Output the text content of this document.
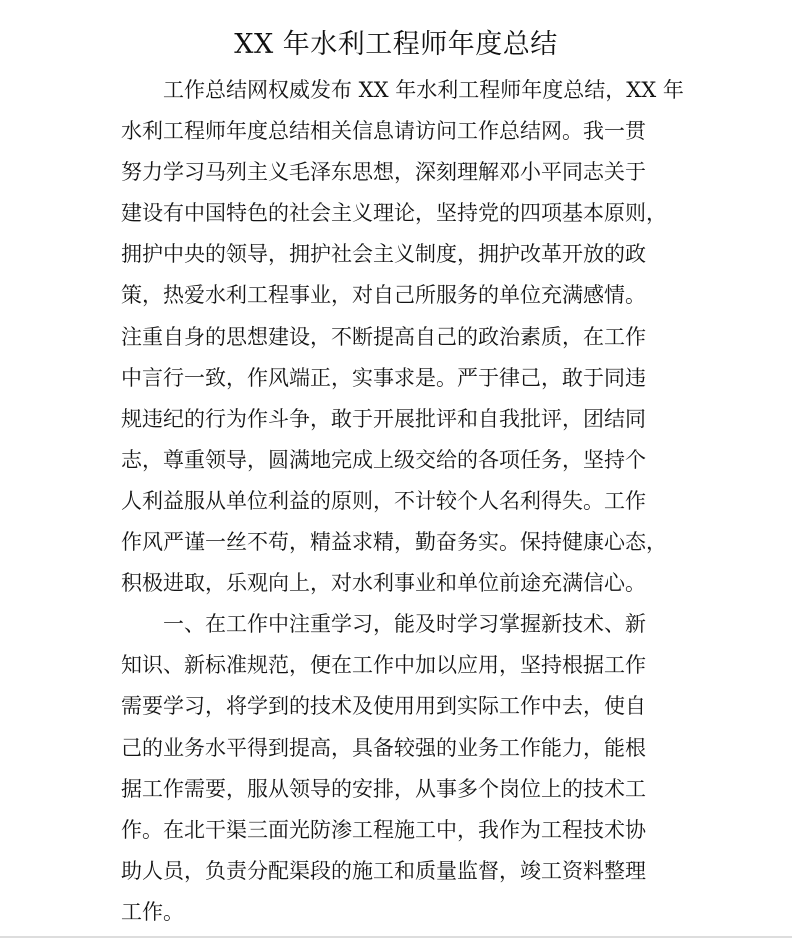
XX 年水利工程师年度总结
工作总结网权威发布 XX 年水利工程师年度总结，XX 年
水利工程师年度总结相关信息请访问工作总结网。我一贯
努力学习马列主义毛泽东思想，深刻理解邓小平同志关于
建设有中国特色的社会主义理论，坚持党的四项基本原则，
拥护中央的领导，拥护社会主义制度，拥护改革开放的政
策，热爱水利工程事业，对自己所服务的单位充满感情。
注重自身的思想建设，不断提高自己的政治素质，在工作
中言行一致，作风端正，实事求是。严于律己，敢于同违
规违纪的行为作斗争，敢于开展批评和自我批评，团结同
志，尊重领导，圆满地完成上级交给的各项任务，坚持个
人利益服从单位利益的原则，不计较个人名利得失。工作
作风严谨一丝不苟，精益求精，勤奋务实。保持健康心态，
积极进取，乐观向上，对水利事业和单位前途充满信心。
一、在工作中注重学习，能及时学习掌握新技术、新
知识、新标准规范，便在工作中加以应用，坚持根据工作
需要学习，将学到的技术及使用用到实际工作中去，使自
己的业务水平得到提高，具备较强的业务工作能力，能根
据工作需要，服从领导的安排，从事多个岗位上的技术工
作。在北干渠三面光防渗工程施工中，我作为工程技术协
助人员，负责分配渠段的施工和质量监督，竣工资料整理
工作。
